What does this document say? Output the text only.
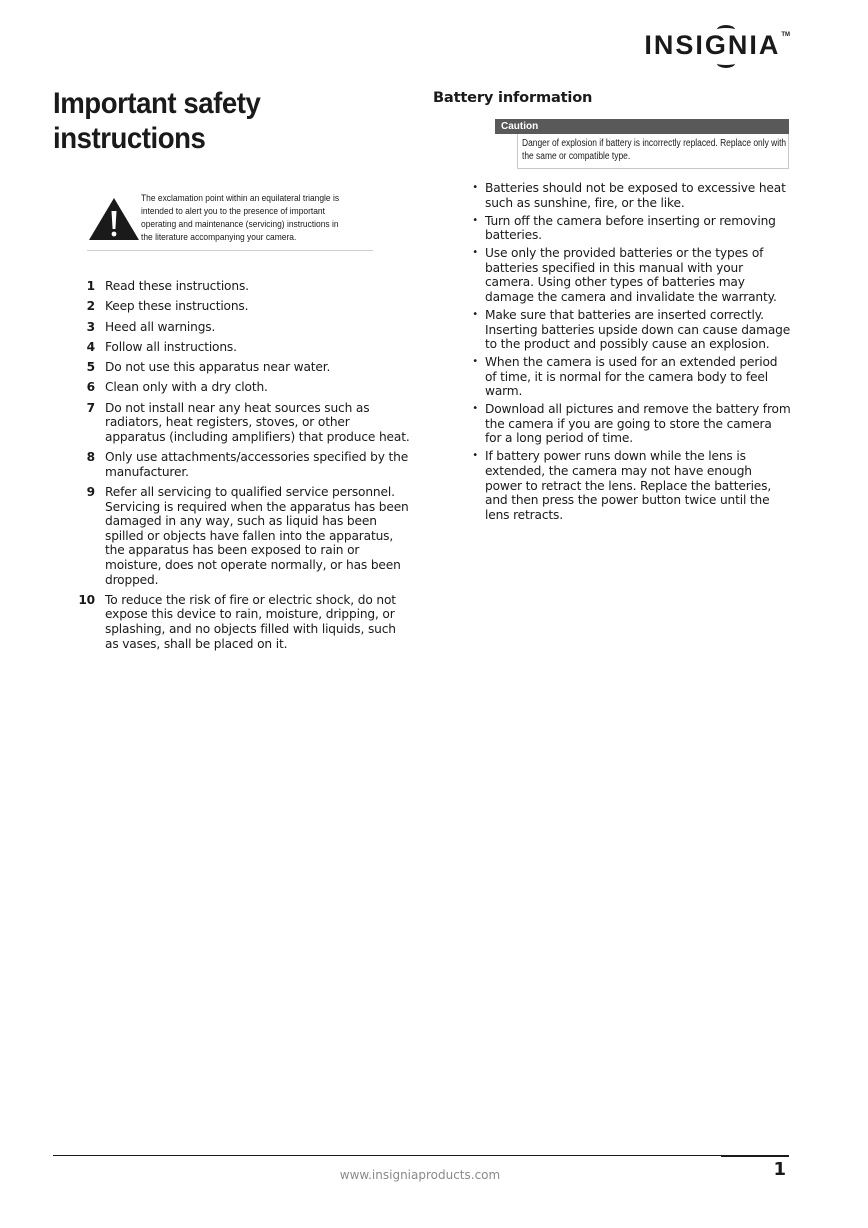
INSIGNIA TM
Important safety
instructions
The exclamation point within an equilateral triangle is intended to alert you to the presence of important operating and maintenance (servicing) instructions in the literature accompanying your camera.
1 Read these instructions.
2 Keep these instructions.
3 Heed all warnings.
4 Follow all instructions.
5 Do not use this apparatus near water.
6 Clean only with a dry cloth.
7 Do not install near any heat sources such as radiators, heat registers, stoves, or other apparatus (including amplifiers) that produce heat.
8 Only use attachments/accessories specified by the manufacturer.
9 Refer all servicing to qualified service personnel. Servicing is required when the apparatus has been damaged in any way, such as liquid has been spilled or objects have fallen into the apparatus, the apparatus has been exposed to rain or moisture, does not operate normally, or has been dropped.
10 To reduce the risk of fire or electric shock, do not expose this device to rain, moisture, dripping, or splashing, and no objects filled with liquids, such as vases, shall be placed on it.
Battery information
Caution
Danger of explosion if battery is incorrectly replaced. Replace only with the same or compatible type.
• Batteries should not be exposed to excessive heat such as sunshine, fire, or the like.
• Turn off the camera before inserting or removing batteries.
• Use only the provided batteries or the types of batteries specified in this manual with your camera. Using other types of batteries may damage the camera and invalidate the warranty.
• Make sure that batteries are inserted correctly. Inserting batteries upside down can cause damage to the product and possibly cause an explosion.
• When the camera is used for an extended period of time, it is normal for the camera body to feel warm.
• Download all pictures and remove the battery from the camera if you are going to store the camera for a long period of time.
• If battery power runs down while the lens is extended, the camera may not have enough power to retract the lens. Replace the batteries, and then press the power button twice until the lens retracts.
www.insigniaproducts.com	1
